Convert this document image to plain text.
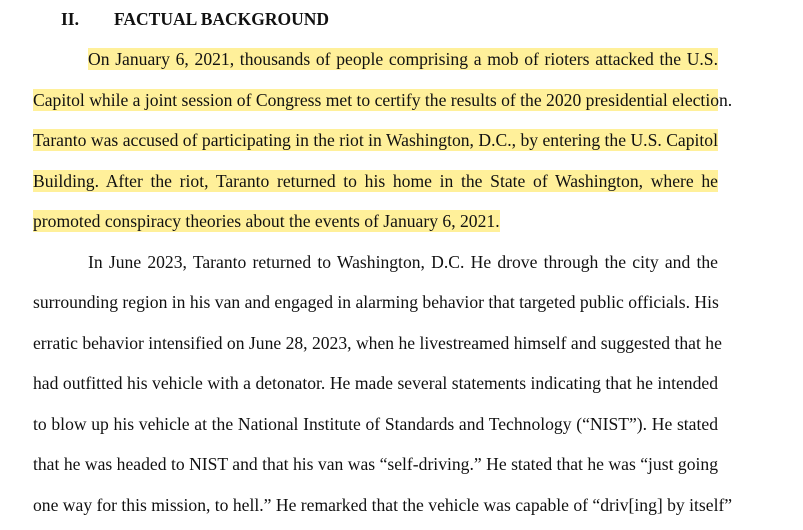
II. FACTUAL BACKGROUND
On January 6, 2021, thousands of people comprising a mob of rioters attacked the U.S.
Capitol while a joint session of Congress met to certify the results of the 2020 presidential election.
Taranto was accused of participating in the riot in Washington, D.C., by entering the U.S. Capitol
Building. After the riot, Taranto returned to his home in the State of Washington, where he
promoted conspiracy theories about the events of January 6, 2021.
In June 2023, Taranto returned to Washington, D.C. He drove through the city and the
surrounding region in his van and engaged in alarming behavior that targeted public officials. His
erratic behavior intensified on June 28, 2023, when he livestreamed himself and suggested that he
had outfitted his vehicle with a detonator. He made several statements indicating that he intended
to blow up his vehicle at the National Institute of Standards and Technology (“NIST”). He stated
that he was headed to NIST and that his van was “self-driving.” He stated that he was “just going
one way for this mission, to hell.” He remarked that the vehicle was capable of “driv[ing] by itself”
